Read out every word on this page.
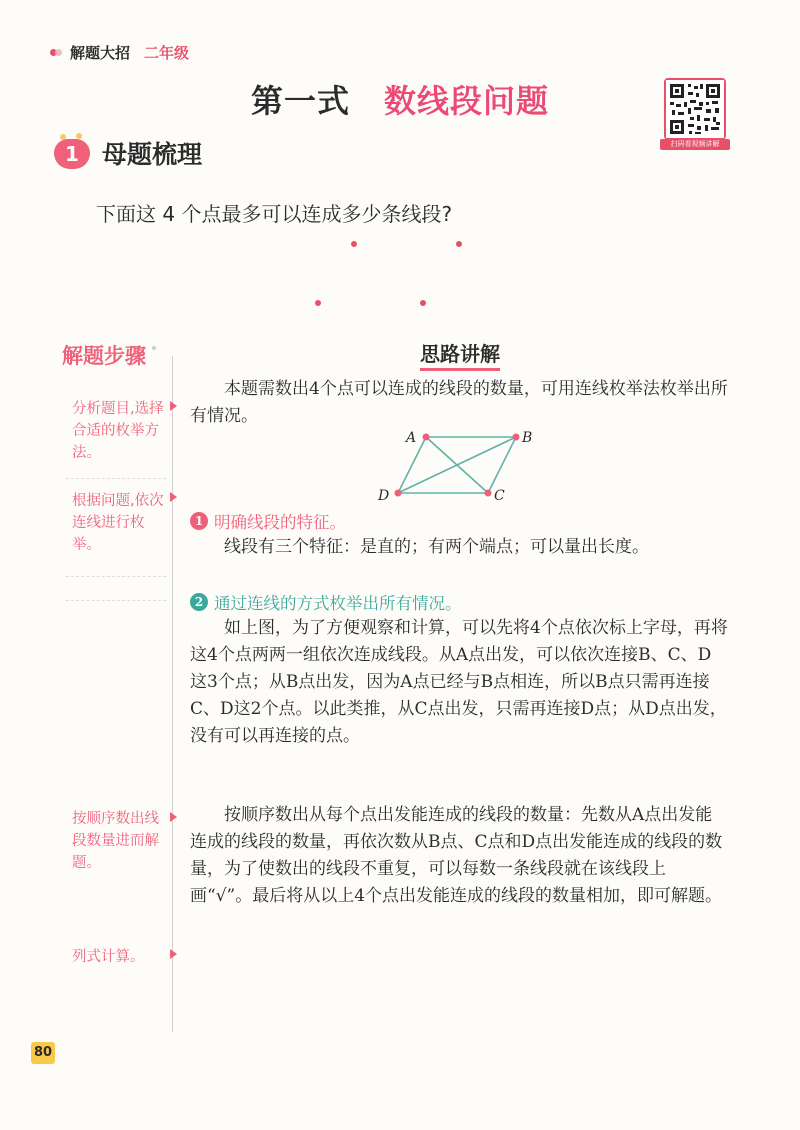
解题大招 二年级
第一式 数线段问题
扫码看视频讲解
1 母题梳理
下面这 4 个点最多可以连成多少条线段?
解题步骤
分析题目,选择合适的枚举方法。
根据问题,依次连线进行枚举。
按顺序数出线段数量进而解题。
列式计算。
思路讲解
本题需数出4个点可以连成的线段的数量，可用连线枚举法枚举出所有情况。
A	B
C
D
1 明确线段的特征。
线段有三个特征：是直的；有两个端点；可以量出长度。
2 通过连线的方式枚举出所有情况。
如上图，为了方便观察和计算，可以先将4个点依次标上字母，再将这4个点两两一组依次连成线段。从A点出发，可以依次连接B、C、D这3个点；从B点出发，因为A点已经与B点相连，所以B点只需再连接C、D这2个点。以此类推，从C点出发，只需再连接D点；从D点出发，没有可以再连接的点。
按顺序数出从每个点出发能连成的线段的数量：先数从A点出发能连成的线段的数量，再依次数从B点、C点和D点出发能连成的线段的数量，为了使数出的线段不重复，可以每数一条线段就在该线段上画“√”。最后将从以上4个点出发能连成的线段的数量相加，即可解题。
80
